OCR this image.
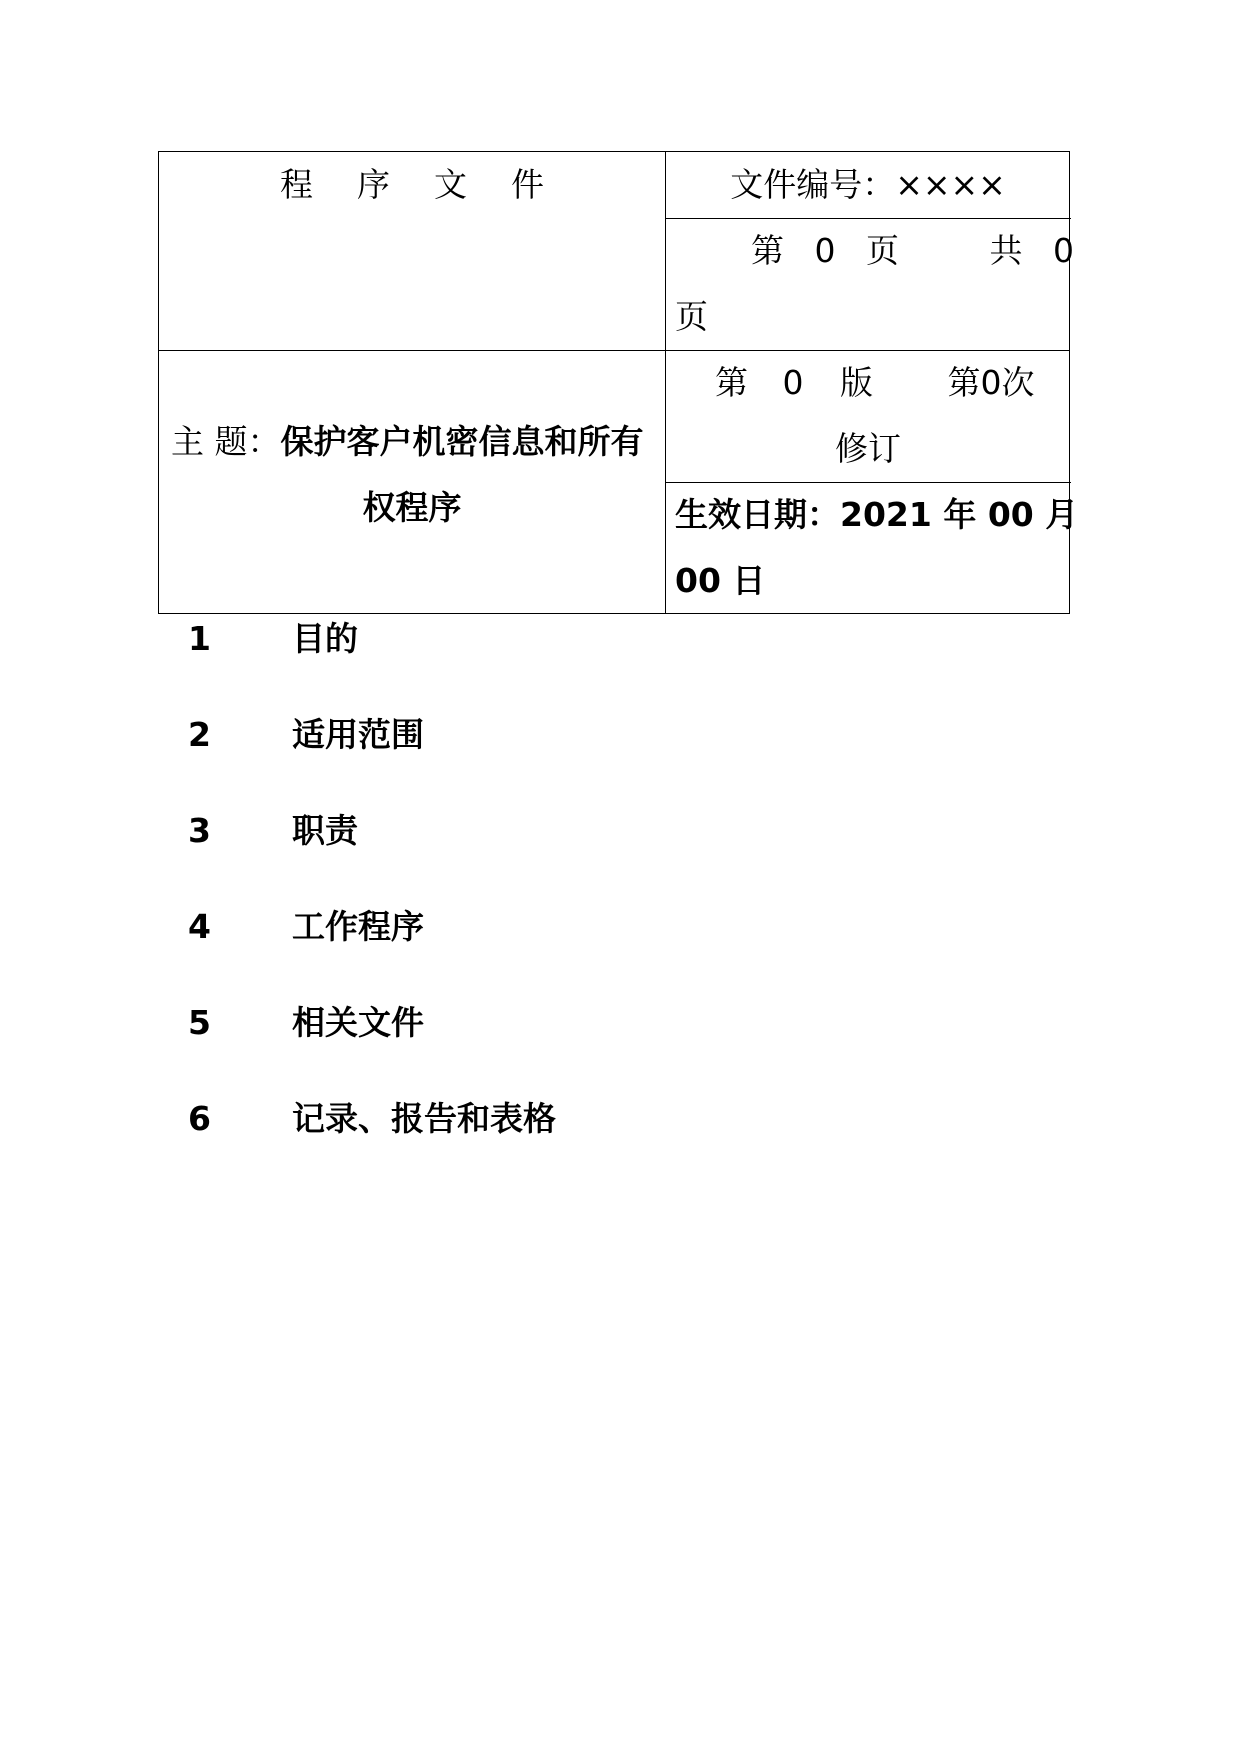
程序文件	文件编号：××××
第 0 页	共 0
页
主 题：保护客户机密信息和所有
权程序
第 0 版 第0次
修订
生效日期：2021 年 00 月
00 日
1 目的
2 适用范围
3 职责
4 工作程序
5 相关文件
6 记录、报告和表格
